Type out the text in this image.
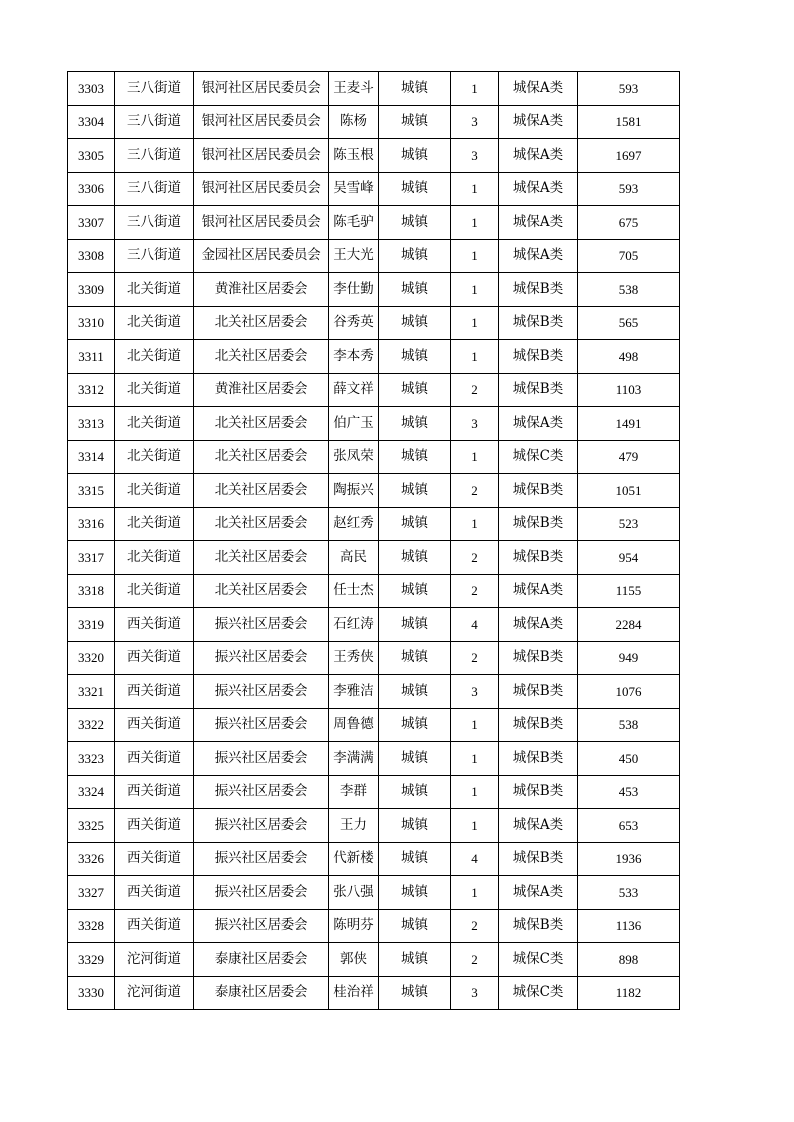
3303	三八街道	银河社区居民委员会	王麦斗	城镇	1	城保A类	593
3304	三八街道	银河社区居民委员会	陈杨	城镇	3	城保A类	1581
3305	三八街道	银河社区居民委员会	陈玉根	城镇	3	城保A类	1697
3306	三八街道	银河社区居民委员会	吴雪峰	城镇	1	城保A类	593
3307	三八街道	银河社区居民委员会	陈毛驴	城镇	1	城保A类	675
3308	三八街道	金园社区居民委员会	王大光	城镇	1	城保A类	705
3309	北关街道	黄淮社区居委会	李仕勤	城镇	1	城保B类	538
3310	北关街道	北关社区居委会	谷秀英	城镇	1	城保B类	565
3311	北关街道	北关社区居委会	李本秀	城镇	1	城保B类	498
3312	北关街道	黄淮社区居委会	薛文祥	城镇	2	城保B类	1103
3313	北关街道	北关社区居委会	伯广玉	城镇	3	城保A类	1491
3314	北关街道	北关社区居委会	张凤荣	城镇	1	城保C类	479
3315	北关街道	北关社区居委会	陶振兴	城镇	2	城保B类	1051
3316	北关街道	北关社区居委会	赵红秀	城镇	1	城保B类	523
3317	北关街道	北关社区居委会	高民	城镇	2	城保B类	954
3318	北关街道	北关社区居委会	任士杰	城镇	2	城保A类	1155
3319	西关街道	振兴社区居委会	石红涛	城镇	4	城保A类	2284
3320	西关街道	振兴社区居委会	王秀侠	城镇	2	城保B类	949
3321	西关街道	振兴社区居委会	李雅洁	城镇	3	城保B类	1076
3322	西关街道	振兴社区居委会	周鲁德	城镇	1	城保B类	538
3323	西关街道	振兴社区居委会	李满满	城镇	1	城保B类	450
3324	西关街道	振兴社区居委会	李群	城镇	1	城保B类	453
3325	西关街道	振兴社区居委会	王力	城镇	1	城保A类	653
3326	西关街道	振兴社区居委会	代新楼	城镇	4	城保B类	1936
3327	西关街道	振兴社区居委会	张八强	城镇	1	城保A类	533
3328	西关街道	振兴社区居委会	陈明芬	城镇	2	城保B类	1136
3329	沱河街道	泰康社区居委会	郭侠	城镇	2	城保C类	898
3330	沱河街道	泰康社区居委会	桂治祥	城镇	3	城保C类	1182
